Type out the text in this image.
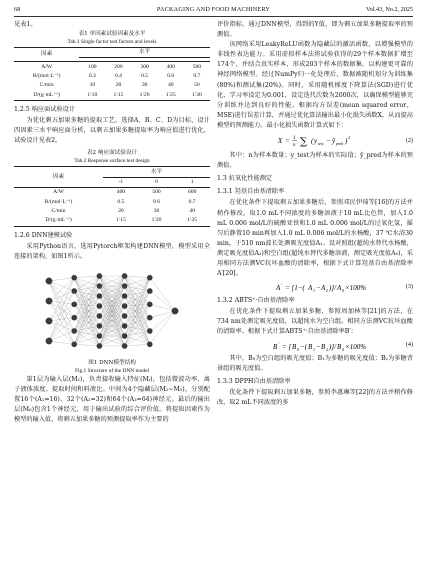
68	PACKAGING AND FOOD MACHINERY	Vol.43, No.2, 2025

见表1。

表1 单因素试验因素及水平
Tab.1 Single factor test factors and levels
因素	水平				

A/W	100	200	300	400	500
B/(mol·L⁻¹)	0.3	0.4	0.5	0.6	0.7
C/min	10	20	30	40	50
D/(g·mL⁻¹)	1∶10	1∶15	1∶20	1∶25	1∶30

1.2.5 响应面试验设计

为优化剩五加果多糖的提取工艺，选择A、B、C、D为目标，设计四因素三水平响应面分析，以剩五加果多糖提取率为响应值进行优化，试验设计见表2。

表2 响应面试验设计
Tab.2 Response surface test design
因素	水平		
	-1	0	1
A/W	400	500	600
B/(mol·L⁻¹)	0.5	0.6	0.7
C/min	20	30	40
D/(g·mL⁻¹)	1∶15	1∶20	1∶25

1.2.6 DNN建模试验

采用Python语言，选用Pytorch框架构建DNN模型，模型采用全连接的架构，如图1所示。

图1 DNN模型结构
Fig.1 Structure of the DNN model

第1层为输入层(M₁)，负责接收输入特征(Mᵢ)，包括微波功率、离子液体浓度、提取时间和料液比。中间为4个隐藏层(M₂~M₅)，分别配置16个(A₁=16)、32个(A₂=32)和64个(A₃=64)神经元。最后的输出层(M₆)包含1个神经元，用于输出试验的综合评价值。将提取因素作为模型的输入值，将剩五加果多糖的预测提取率作为主要的

评价指标。通过DNN模型，得到的Y值，即为剩五加果多糖提取率的预测值。

该网络采用LeakyReLU函数为隐藏层的激活函数，以增强模型的非线性表达能力。采用虚拟样本法将试验获得的29个样本数据扩增至174个，并结合真实样本，形成203个样本的数据集。以构建更可靠的神经网络模型。经过NumPy归一化处理后，数据被随机划分为训练集(80%)和测试集(20%)。同时，采用随机梯度下降算法(SGD)进行优化，学习率设定为0.001，设定迭代次数为2000次，以确保模型能够充分训练并达到良好的性能。根据均方误差(mean squared error，MSE)进行误差计算，并通过优化算法输出最小化损失函数X，从而提高模型的预测能力。最小化损失函数计算式如下：

X = 1
n ∑ ( y test − ŷ pred ) 2	(2)

其中：n为样本数量；y_test为样本的实际值；ŷ_pred为样本的预测值。

1.3 抗氧化性能测定

1.3.1 羟基自由基清除率

在优化条件下提取剩五加果多糖后，参照邓民伊琦等[16]的方法并稍作修改。取1.0 mL不同浓度的多糖溶液于10 mL比色管，加入1.0 mL 0.006 mol/L的硫酸亚铁和1.0 mL 0.006 mol/L的过氧化氢，摇匀后静置10 min再加入1.0 mL 0.006 mol/L的水杨酸，37 ℃水浴30 min，于510 nm波长处测吸光度值A₁。设对照组(超纯水替代水杨酸，测定吸光度值A₂)和空白组(超纯水替代多糖溶液，测定吸光度值A₀)，采用相同方法测VC抗坏血酸的清除率，根据下式计算羟基自由基清除率A′[20]。

A ′ = [1−( A 1 − A 2 )]/ A 0 ×100%	(3)

1.3.2 ABTS⁺·自由基清除率

在优化条件下提取剩五加果多糖，参照周加林等[21]的方法，在734 nm处测定吸光度值，以超纯水为空白组。相同方法测VC抗坏血酸的清除率。根据下式计算ABTS⁺·自由基清除率B′：

B ′ = [ B 0 −( B 1 − B 2 )]/ B 0 ×100%	(4)

其中，B₀为空白组的吸光度值；B₁为多糖的吸光度值；B₂为多糖背景组的吸光度值。

1.3.3 DPPH自由基清除率

优化条件下提取剩五加果多糖，参照李惠琳等[22]的方法并稍作修改，取2 mL不同浓度的多
